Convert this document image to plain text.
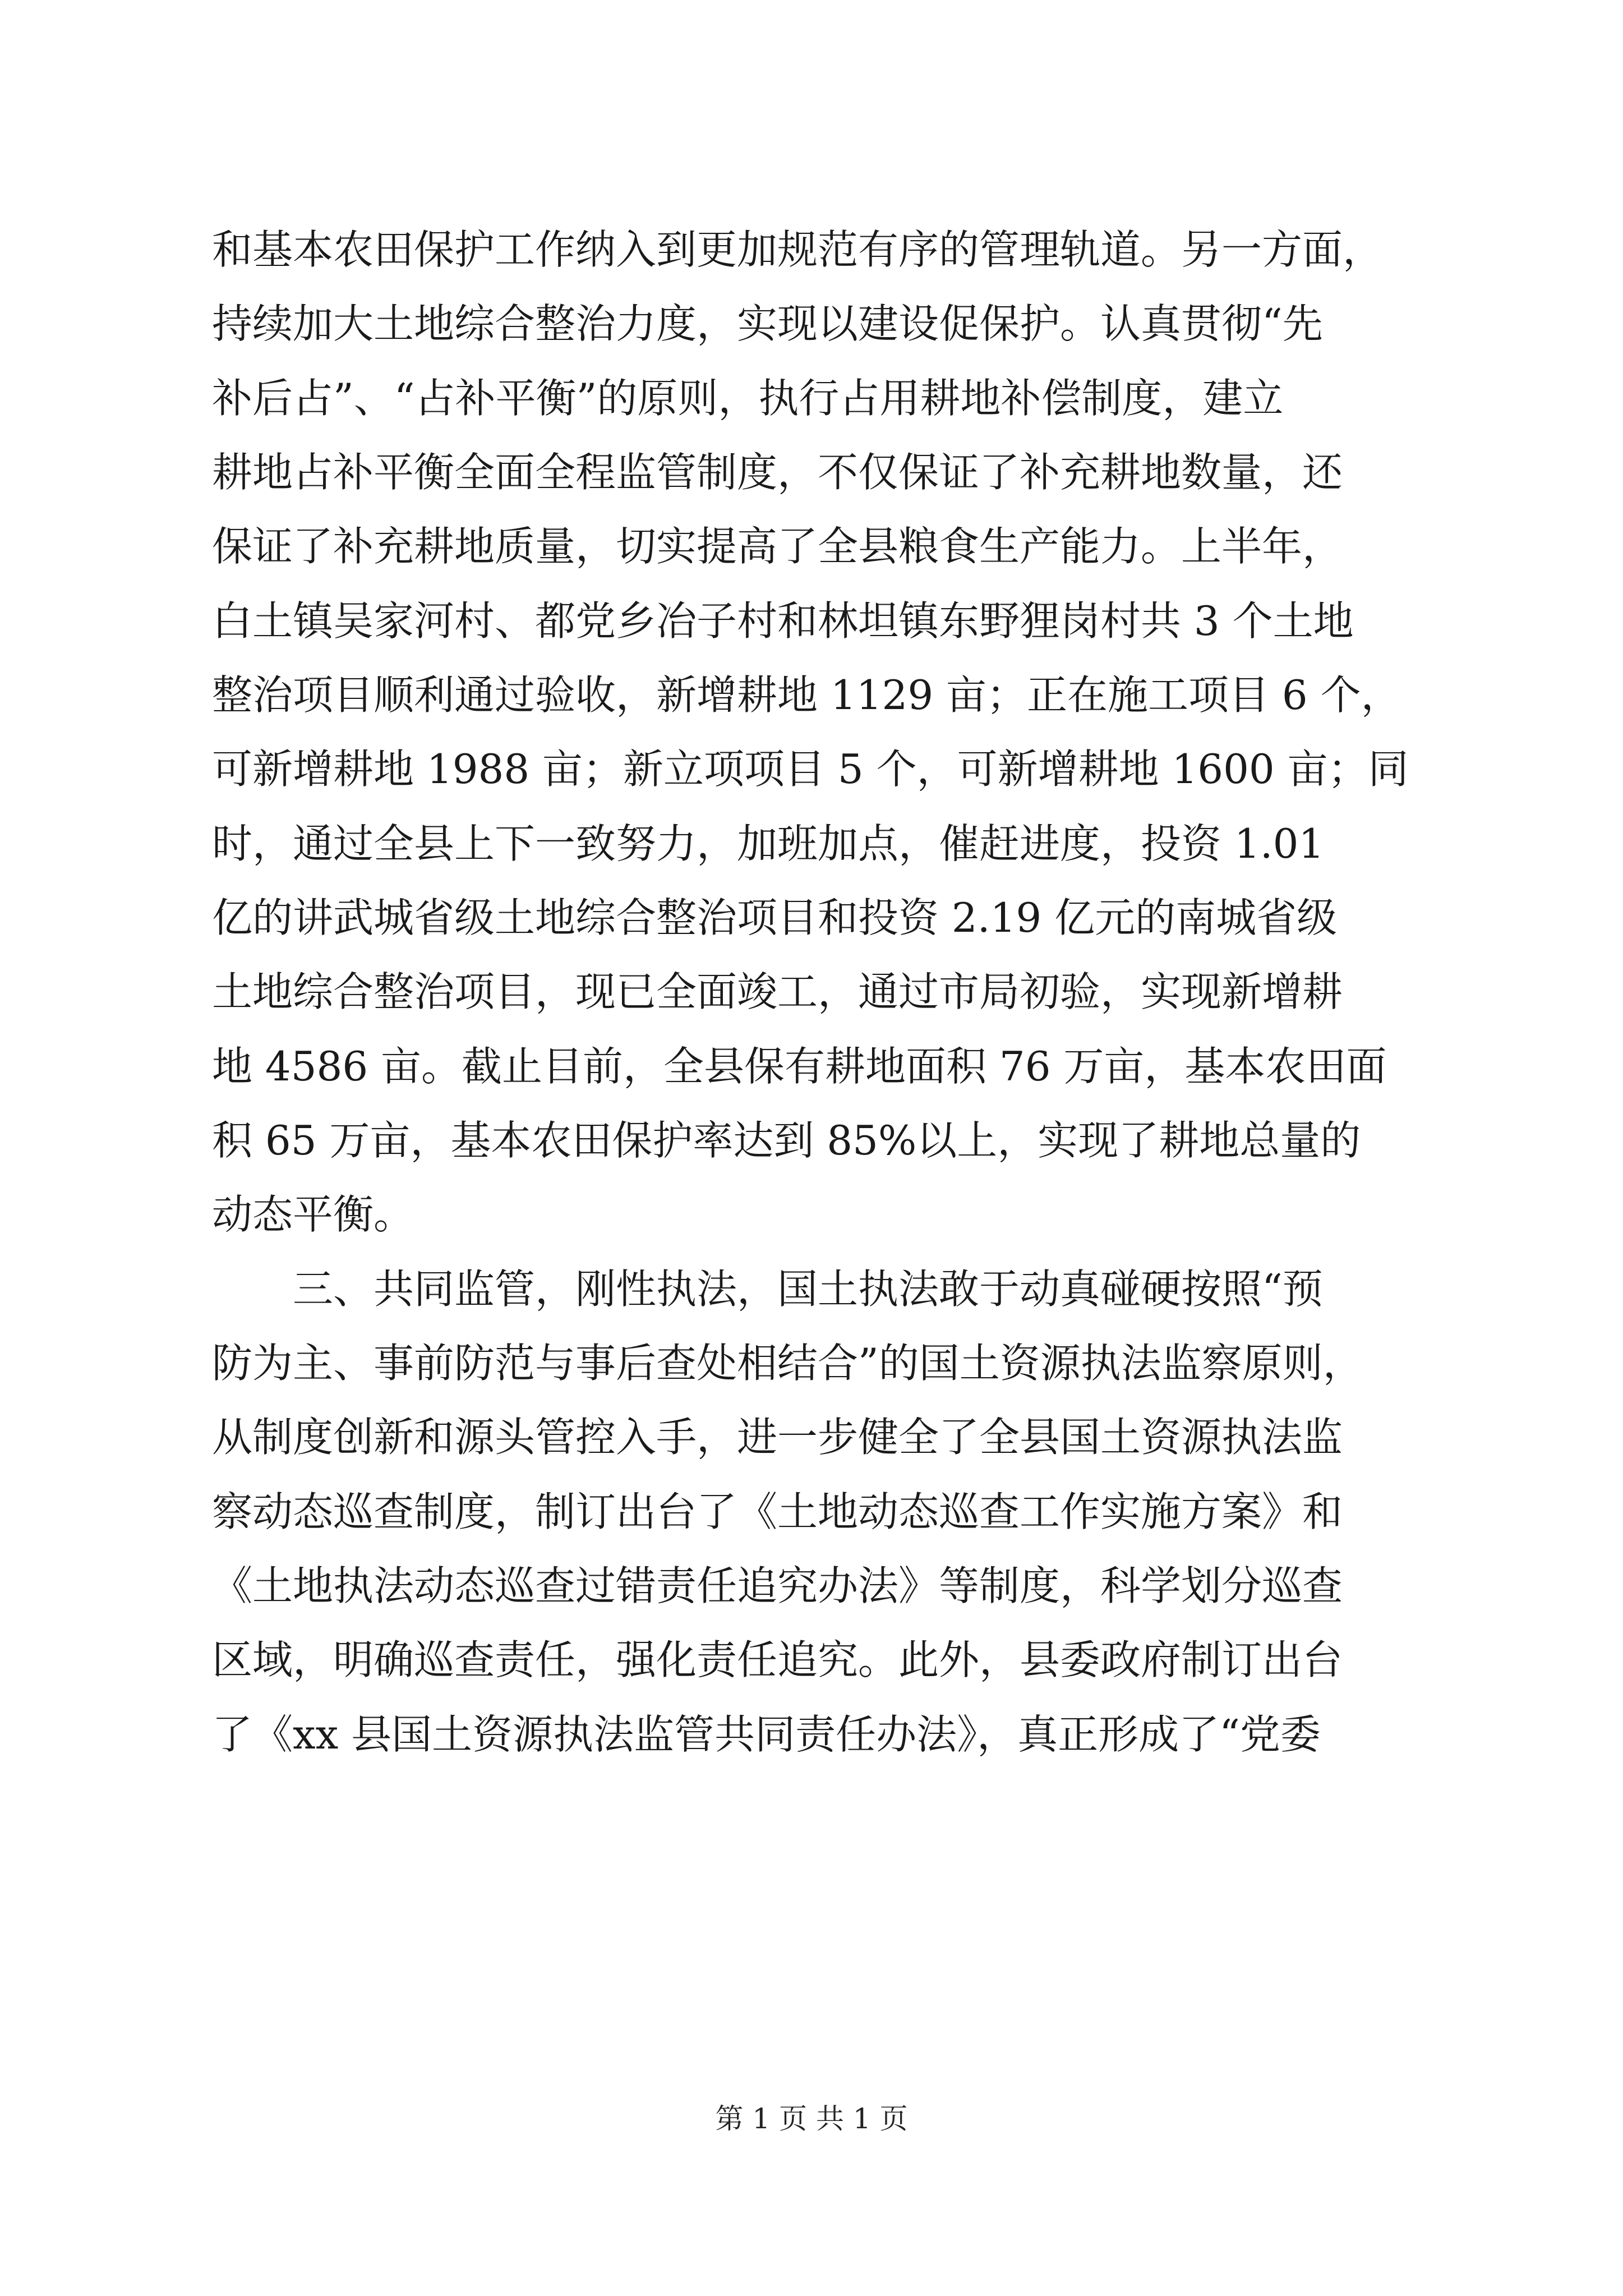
和基本农田保护工作纳入到更加规范有序的管理轨道。另一方面，
持续加大土地综合整治力度，实现以建设促保护。认真贯彻“先
补后占”、“占补平衡”的原则，执行占用耕地补偿制度，建立
耕地占补平衡全面全程监管制度，不仅保证了补充耕地数量，还
保证了补充耕地质量，切实提高了全县粮食生产能力。上半年，
白土镇吴家河村、都党乡冶子村和林坦镇东野狸岗村共 3 个土地
整治项目顺利通过验收，新增耕地 1129 亩；正在施工项目 6 个，
可新增耕地 1988 亩；新立项项目 5 个，可新增耕地 1600 亩；同
时，通过全县上下一致努力，加班加点，催赶进度，投资 1.01
亿的讲武城省级土地综合整治项目和投资 2.19 亿元的南城省级
土地综合整治项目，现已全面竣工，通过市局初验，实现新增耕
地 4586 亩。截止目前，全县保有耕地面积 76 万亩，基本农田面
积 65 万亩，基本农田保护率达到 85%以上，实现了耕地总量的
动态平衡。
　　三、共同监管，刚性执法，国土执法敢于动真碰硬按照“预
防为主、事前防范与事后查处相结合”的国土资源执法监察原则，
从制度创新和源头管控入手，进一步健全了全县国土资源执法监
察动态巡查制度，制订出台了《土地动态巡查工作实施方案》和
《土地执法动态巡查过错责任追究办法》等制度，科学划分巡查
区域，明确巡查责任，强化责任追究。此外，县委政府制订出台
了《xx 县国土资源执法监管共同责任办法》，真正形成了“党委
第 1 页 共 1 页
